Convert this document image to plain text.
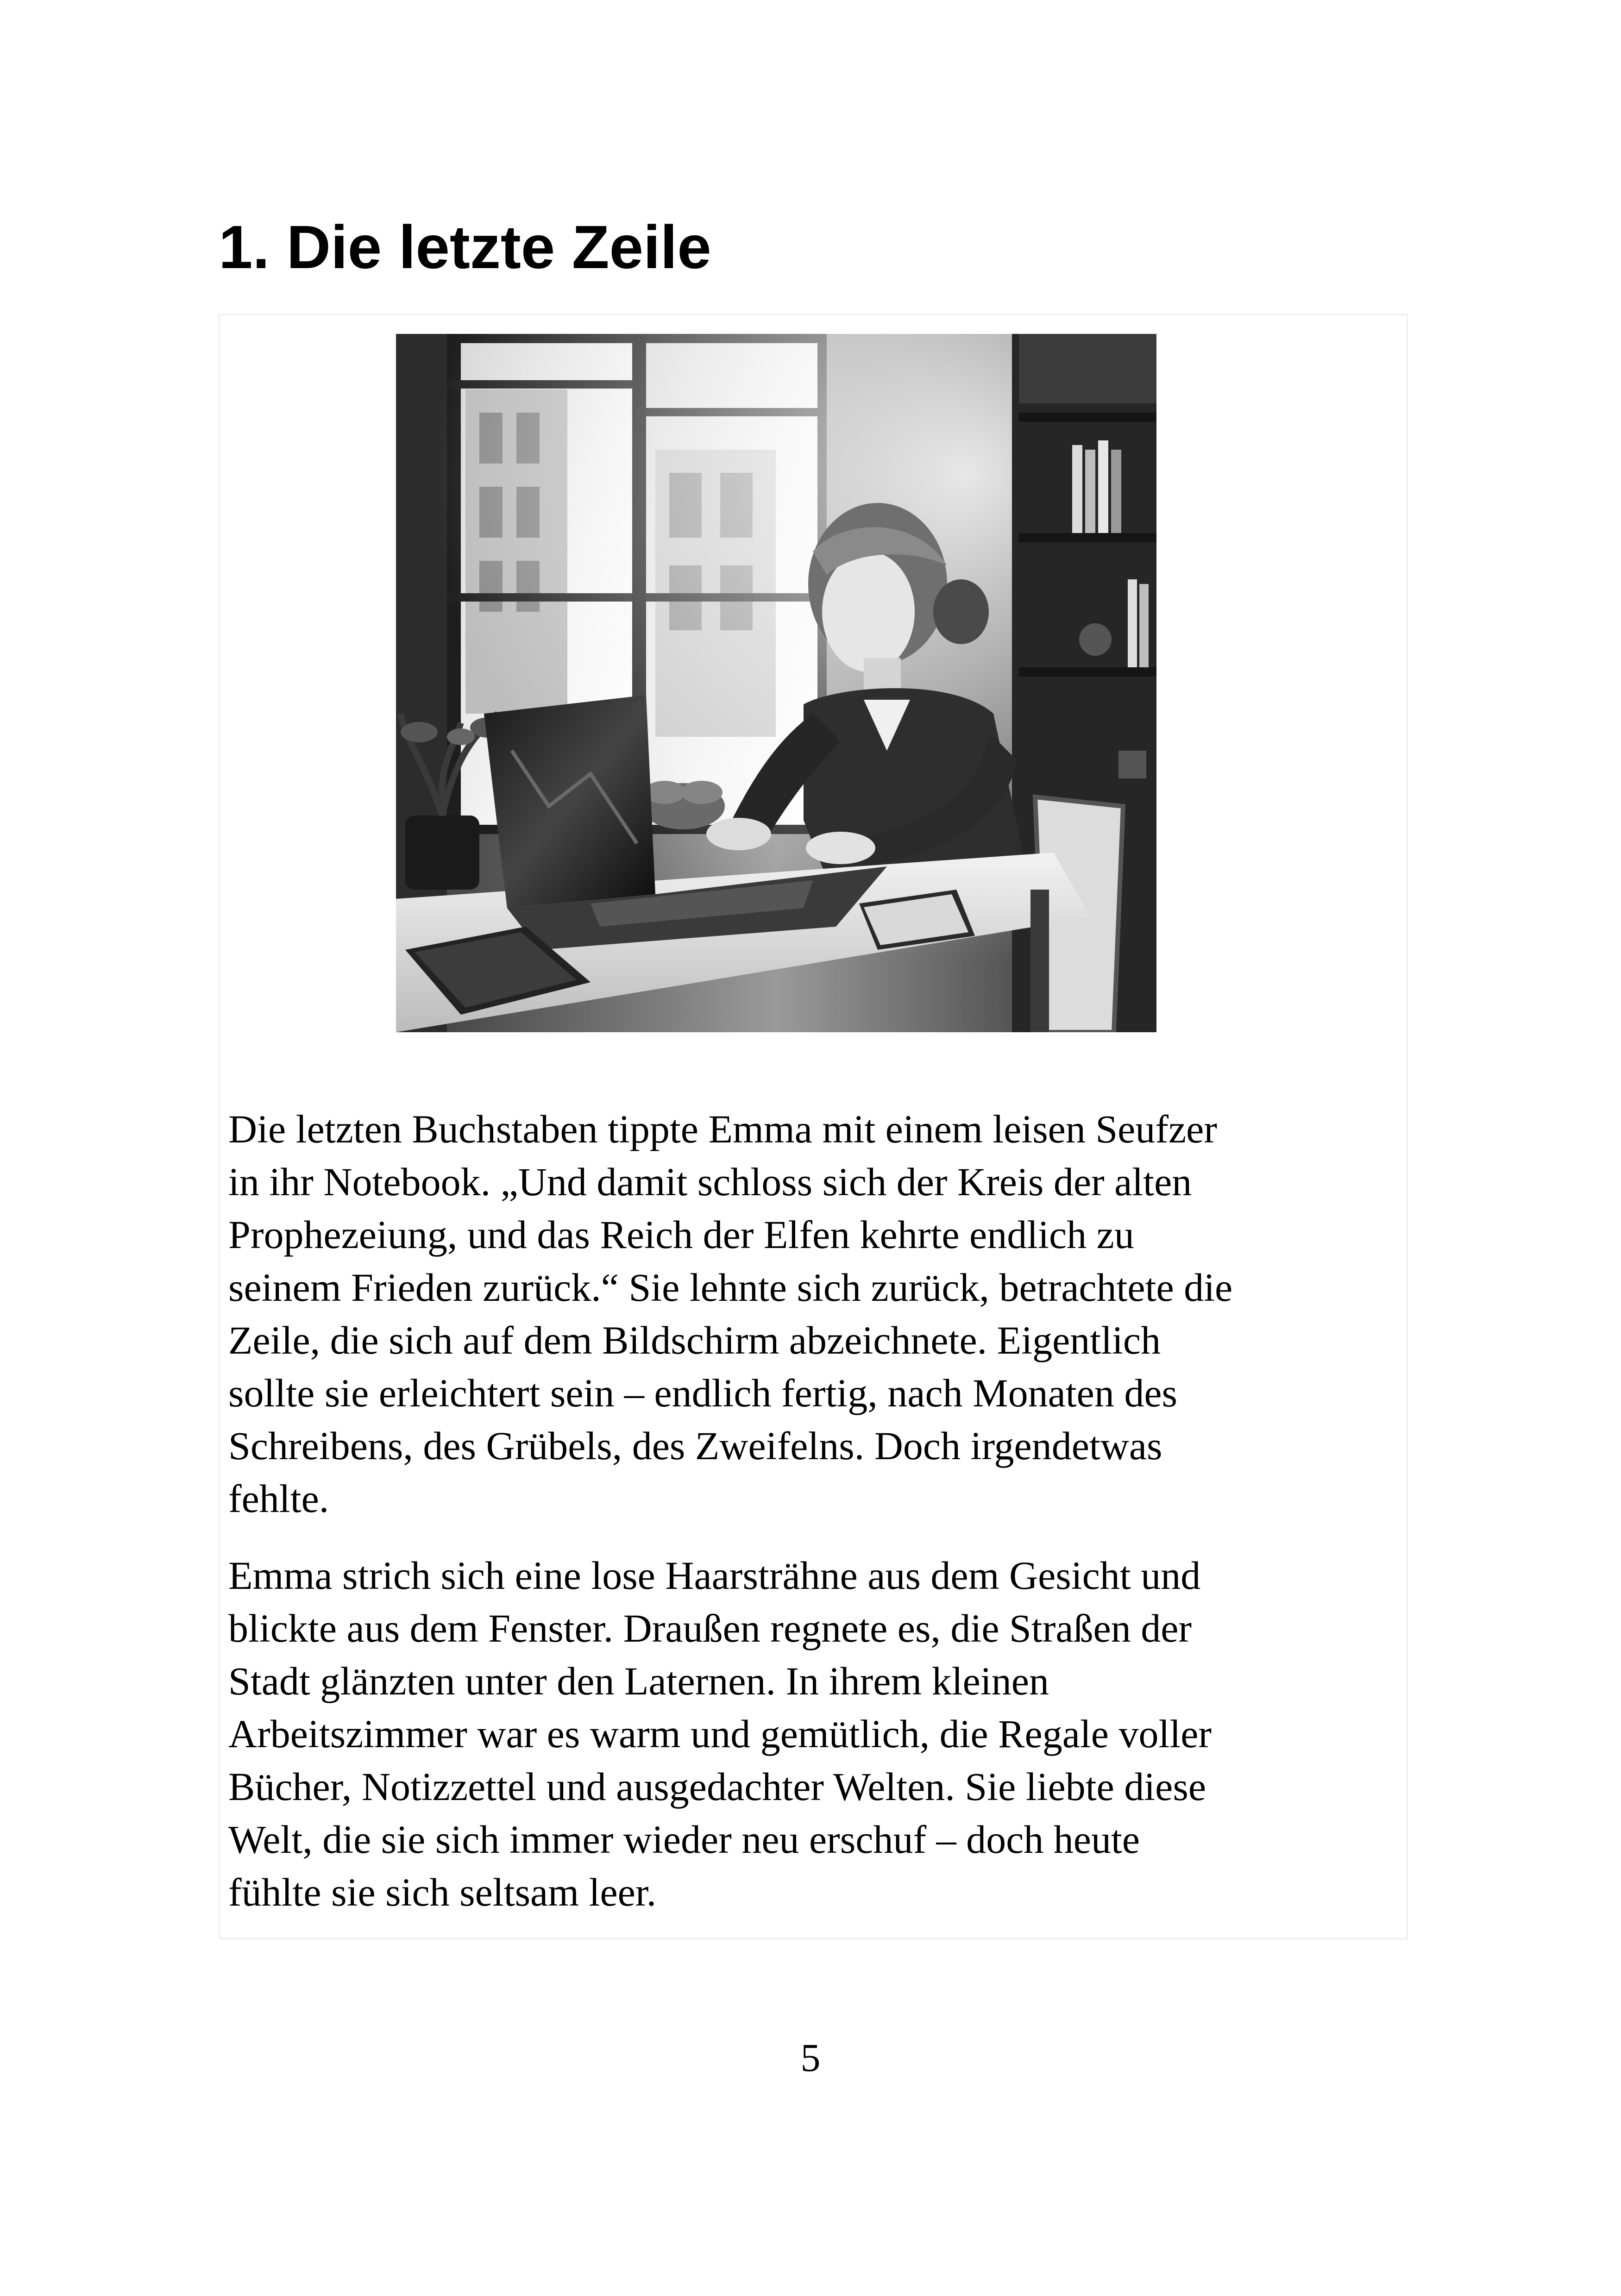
1. Die letzte Zeile

Die letzten Buchstaben tippte Emma mit einem leisen Seufzer
in ihr Notebook. „Und damit schloss sich der Kreis der alten
Prophezeiung, und das Reich der Elfen kehrte endlich zu
seinem Frieden zurück.“ Sie lehnte sich zurück, betrachtete die
Zeile, die sich auf dem Bildschirm abzeichnete. Eigentlich
sollte sie erleichtert sein – endlich fertig, nach Monaten des
Schreibens, des Grübels, des Zweifelns. Doch irgendetwas
fehlte.

Emma strich sich eine lose Haarsträhne aus dem Gesicht und
blickte aus dem Fenster. Draußen regnete es, die Straßen der
Stadt glänzten unter den Laternen. In ihrem kleinen
Arbeitszimmer war es warm und gemütlich, die Regale voller
Bücher, Notizzettel und ausgedachter Welten. Sie liebte diese
Welt, die sie sich immer wieder neu erschuf – doch heute
fühlte sie sich seltsam leer.

5
